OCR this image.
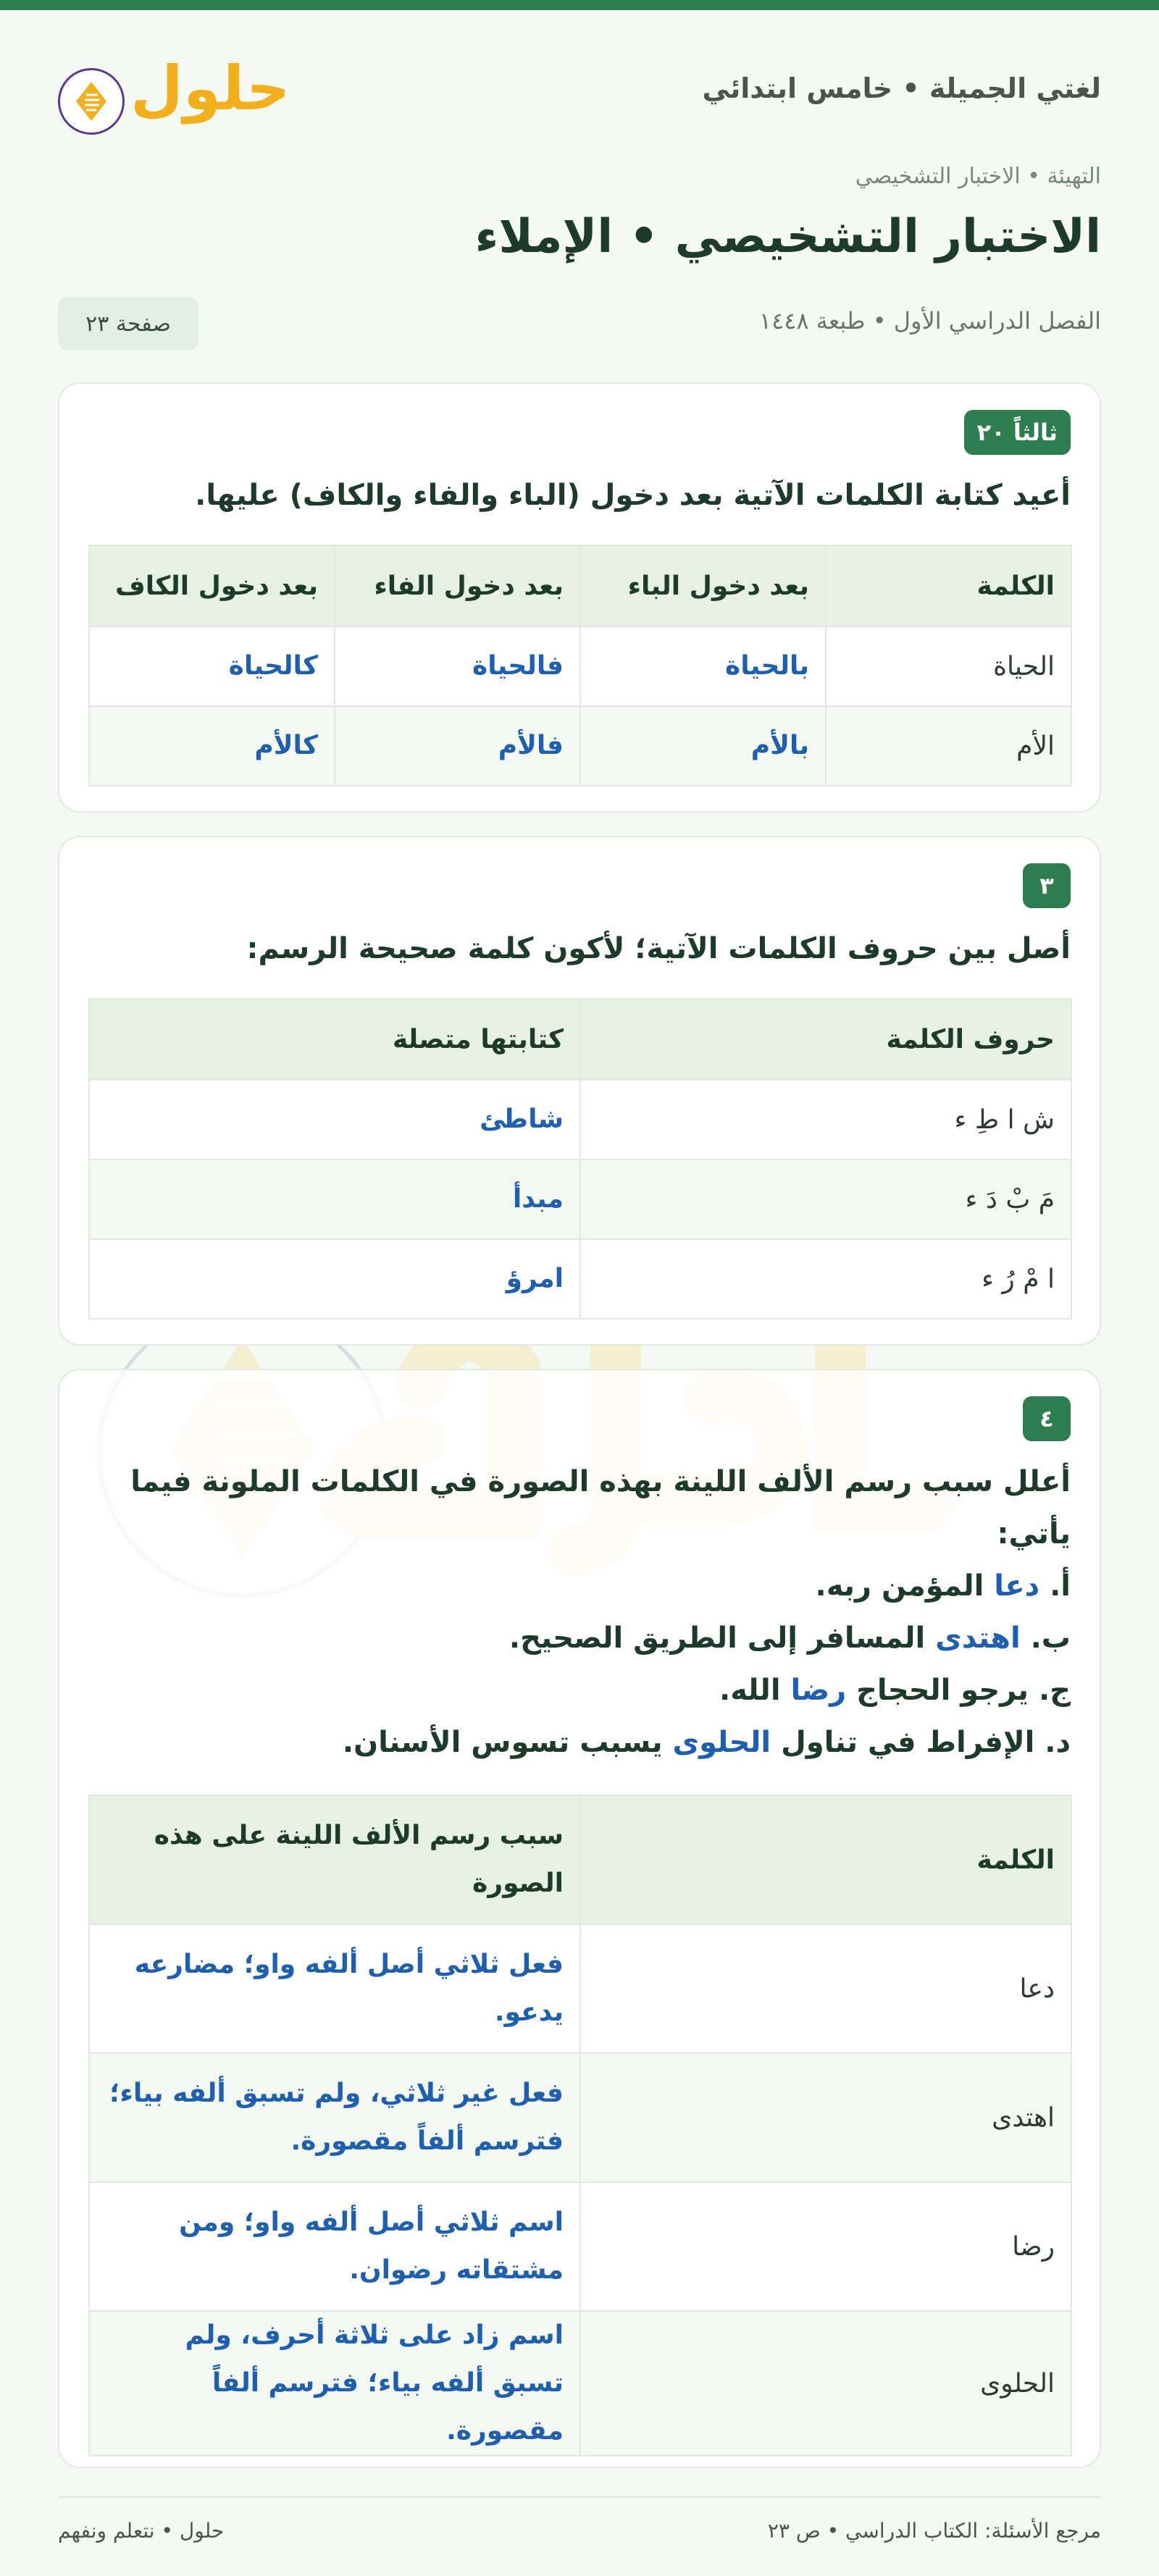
لغتي الجميلة • خامس ابتدائي
حلول
التهيئة • الاختبار التشخيصي
الاختبار التشخيصي • الإملاء
الفصل الدراسي الأول • طبعة ١٤٤٨
صفحة ٢٣
ثالثاً ٢٠
أعيد كتابة الكلمات الآتية بعد دخول (الباء والفاء والكاف) عليها.
الكلمة	بعد دخول الباء	بعد دخول الفاء	بعد دخول الكاف
الحياة	بالحياة	فالحياة	كالحياة
الأم	بالأم	فالأم	كالأم
٣
أصل بين حروف الكلمات الآتية؛ لأكون كلمة صحيحة الرسم:
حروف الكلمة	كتابتها متصلة
ش ا طِ ء	شاطئ
مَ بْ دَ ء	مبدأ
ا مْ رُ ء	امرؤ
٤
أعلل سبب رسم الألف اللينة بهذه الصورة في الكلمات الملونة فيما
يأتي:
أ. دعا المؤمن ربه.
ب. اهتدى المسافر إلى الطريق الصحيح.
ج. يرجو الحجاج رضا الله.
د. الإفراط في تناول الحلوى يسبب تسوس الأسنان.
الكلمة	سبب رسم الألف اللينة على هذه الصورة
دعا	فعل ثلاثي أصل ألفه واو؛ مضارعه يدعو.
اهتدى	فعل غير ثلاثي، ولم تسبق ألفه بياء؛ فترسم ألفاً مقصورة.
رضا	اسم ثلاثي أصل ألفه واو؛ ومن مشتقاته رضوان.
الحلوى	اسم زاد على ثلاثة أحرف، ولم تسبق ألفه بياء؛ فترسم ألفاً مقصورة.
مرجع الأسئلة: الكتاب الدراسي • ص ٢٣
حلول • نتعلم ونفهم
